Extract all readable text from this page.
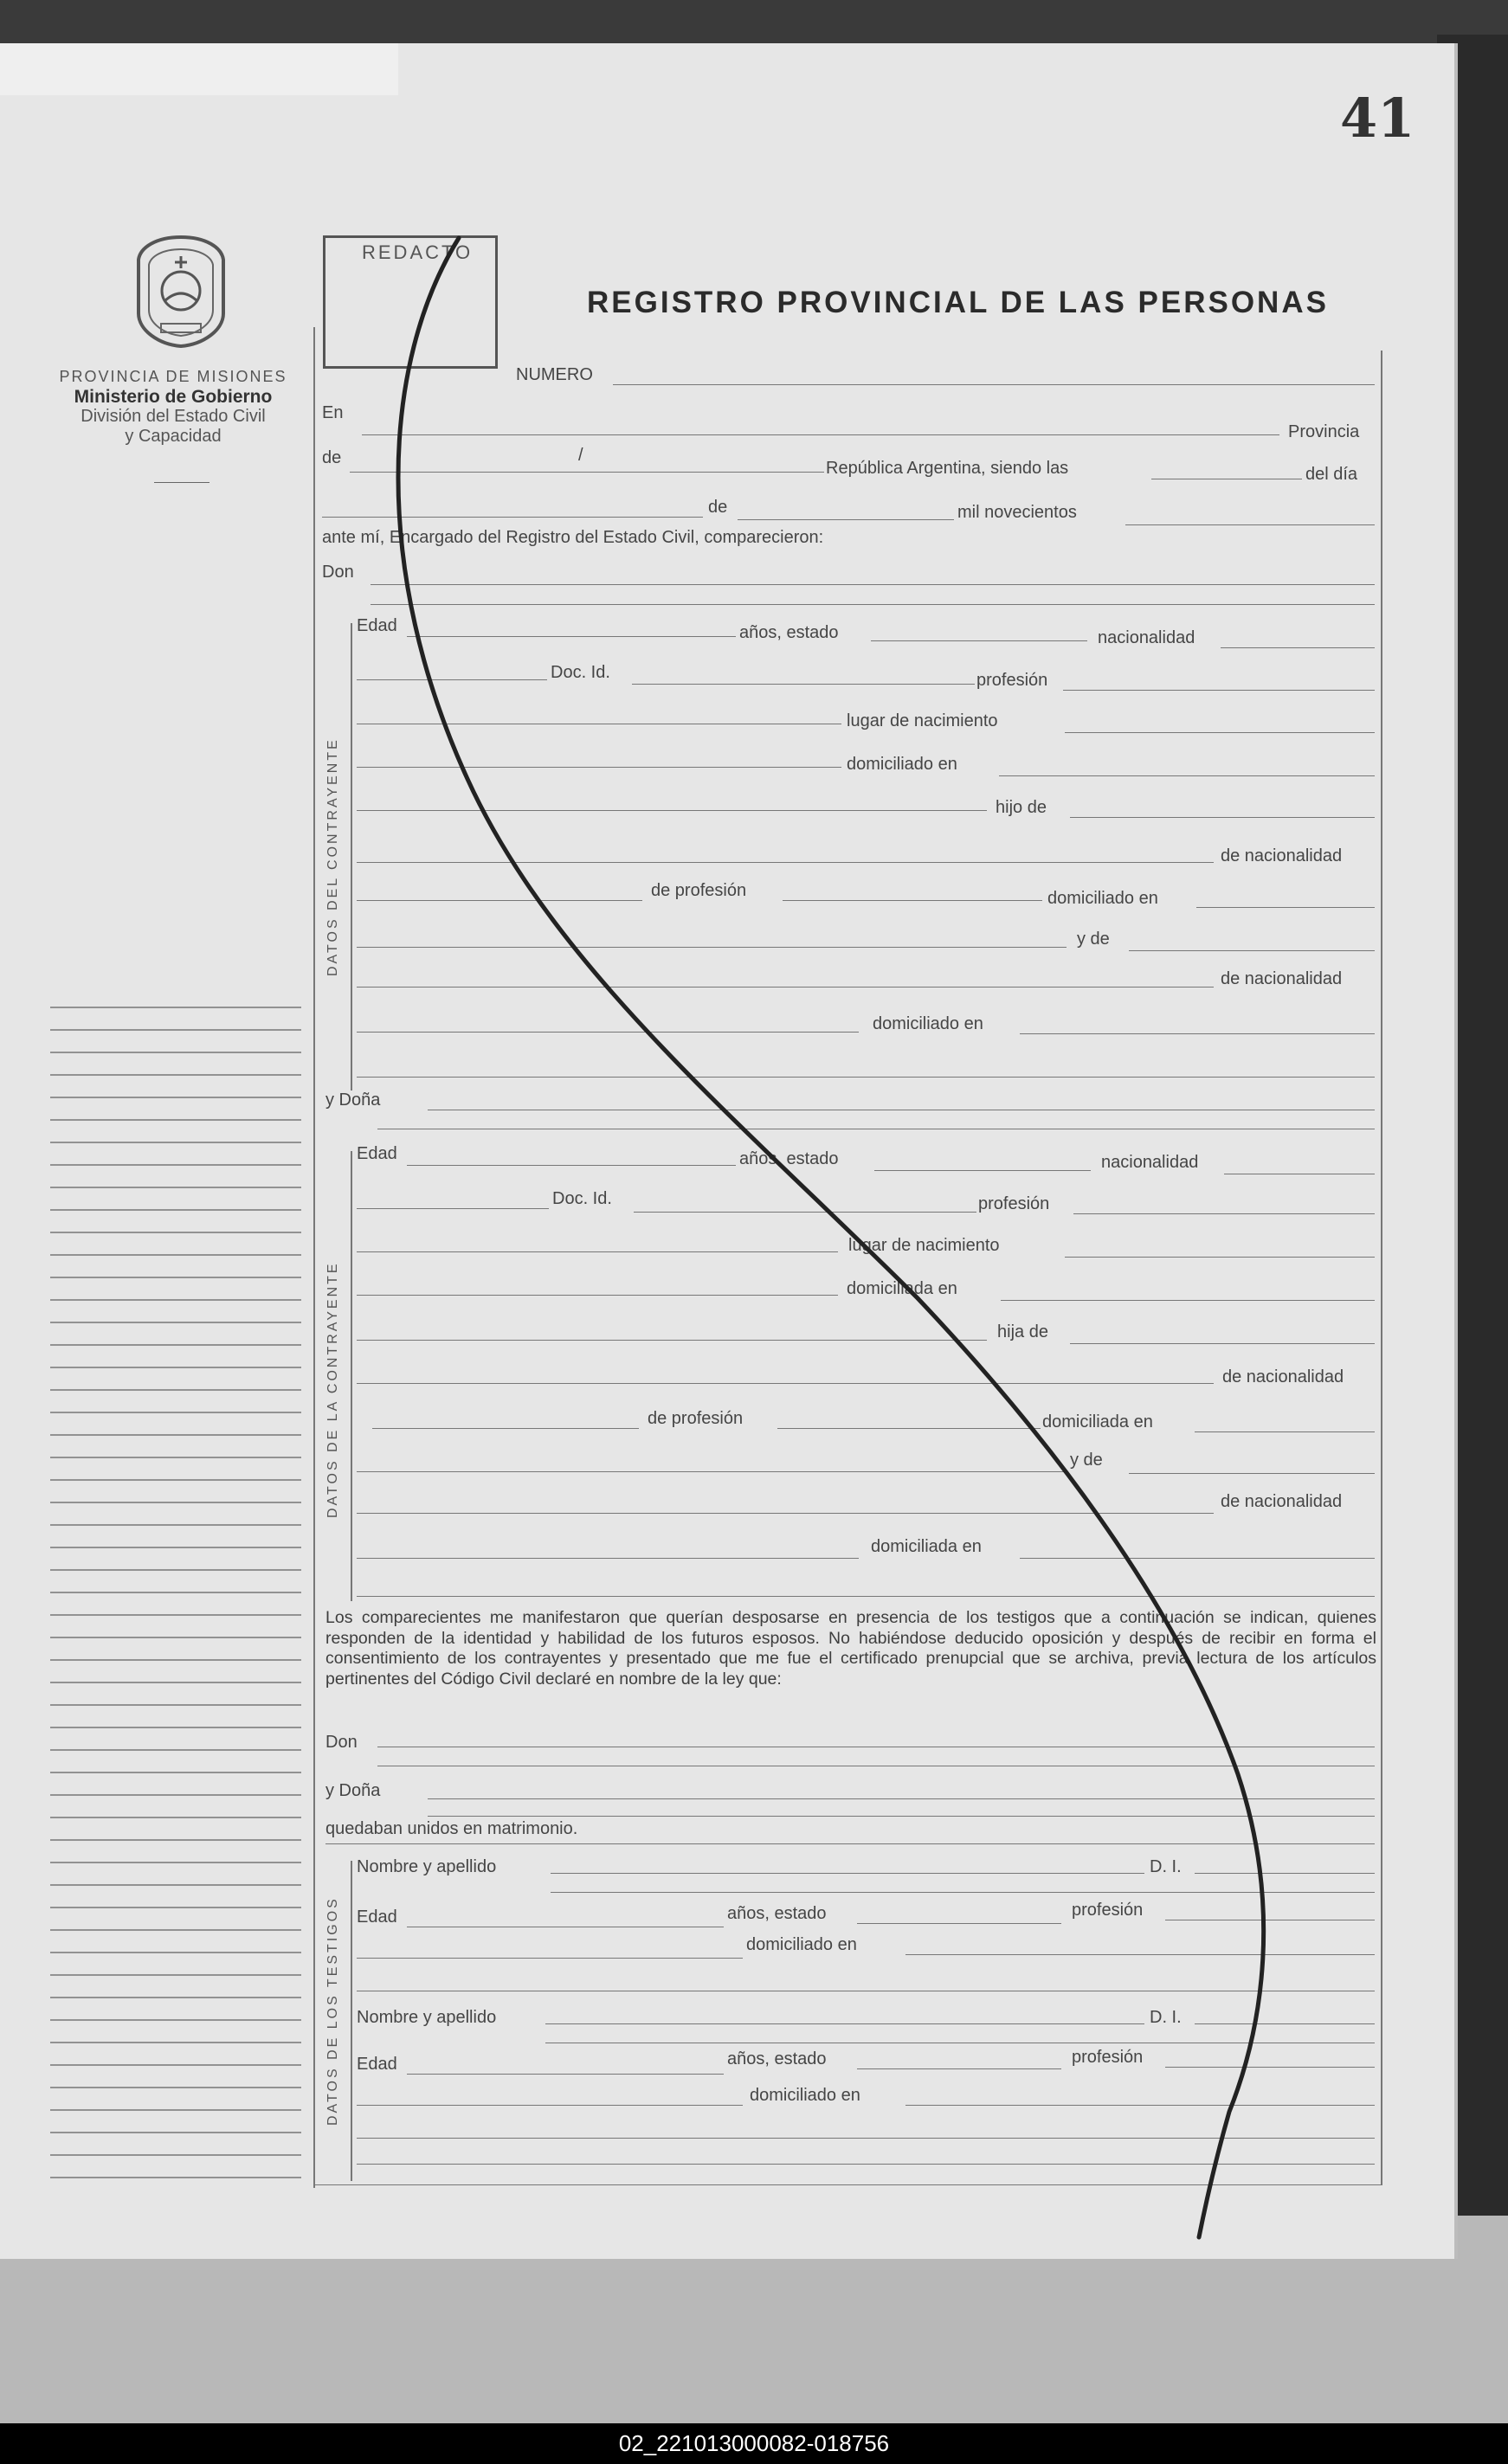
41
PROVINCIA DE MISIONES
Ministerio de Gobierno
División del Estado Civil
y Capacidad
REDACTO
REGISTRO PROVINCIAL DE LAS PERSONAS
NUMERO
En
Provincia
de	/
República Argentina, siendo las	del día
de	mil novecientos
ante mí, Encargado del Registro del Estado Civil, comparecieron:
Don
DATOS DEL CONTRAYENTE
Edad	años, estado	nacionalidad
Doc. Id.	profesión
lugar de nacimiento
domiciliado en
hijo de
de nacionalidad
de profesión	domiciliado en
y de
de nacionalidad
domiciliado en
y Doña
DATOS DE LA CONTRAYENTE
Edad	años, estado	nacionalidad
Doc. Id.	profesión
lugar de nacimiento
domiciliada en
hija de
de nacionalidad
de profesión	domiciliada en
y de
de nacionalidad
domiciliada en
Los comparecientes me manifestaron que querían desposarse en presencia de los testigos que a continuación se indican, quienes responden de la identidad y habilidad de los futuros esposos. No habiéndose deducido oposición y después de recibir en forma el consentimiento de los contrayentes y presentado que me fue el certificado prenupcial que se archiva, previa lectura de los artículos pertinentes del Código Civil declaré en nombre de la ley que:
Don
y Doña
quedaban unidos en matrimonio.
DATOS DE LOS TESTIGOS
Nombre y apellido	D. I.
Edad	años, estado	profesión
domiciliado en
Nombre y apellido	D. I.
Edad	años, estado	profesión
domiciliado en
02_221013000082-018756
